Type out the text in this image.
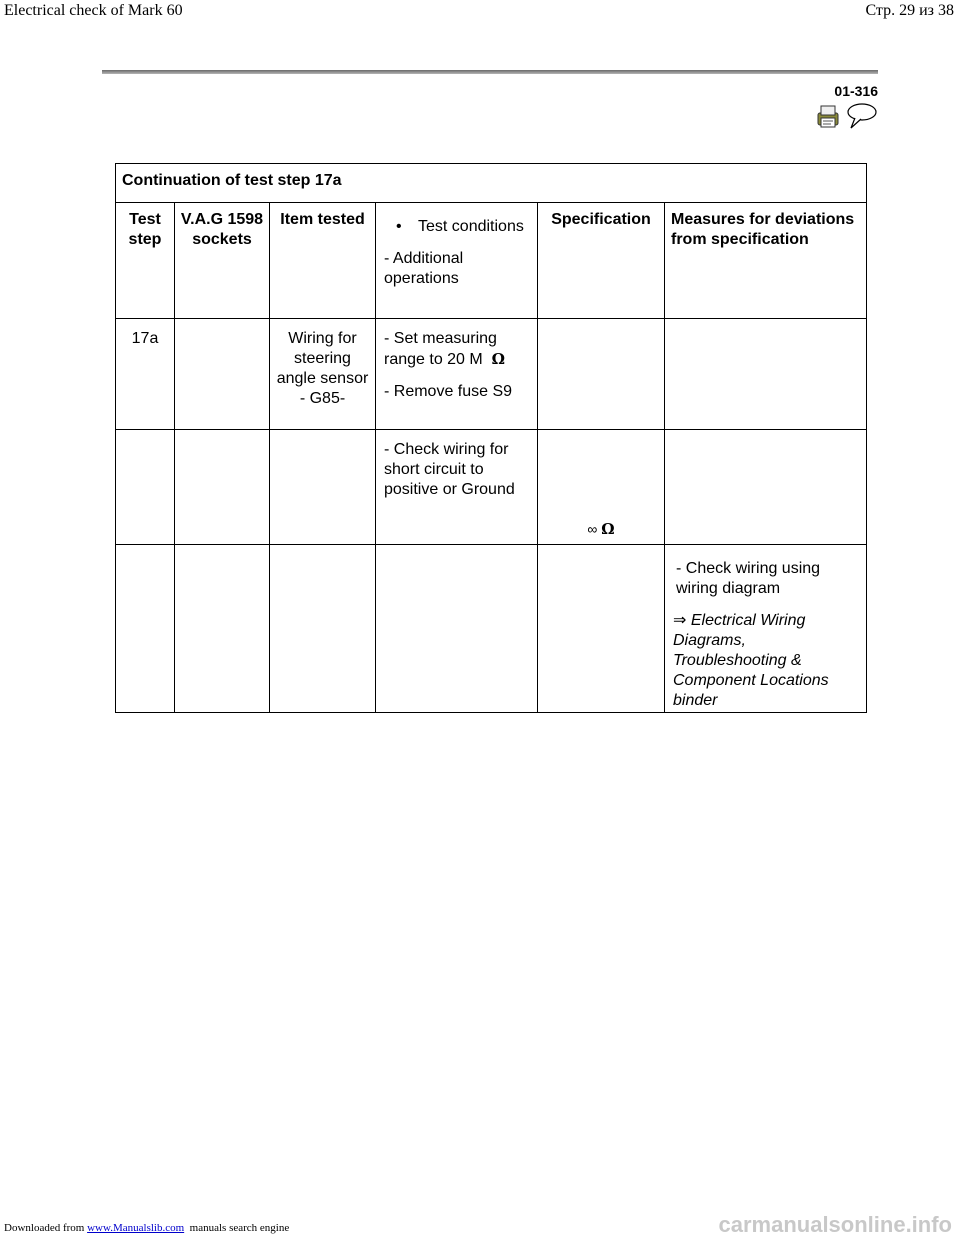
Electrical check of Mark 60	Стр. 29 из 38
01-316
Continuation of test step 17a					
Test step	V.A.G 1598 sockets	Item tested	• Test conditions

- Additional operations	Specification	Measures for deviations from specification
17a		Wiring for steering angle sensor - G85-	- Set measuring range to 20 M Ω

- Remove fuse S9		

			- Check wiring for short circuit to positive or Ground	∞ Ω	

					- Check wiring using wiring diagram

⇒ Electrical Wiring Diagrams, Troubleshooting & Component Locations binder

Downloaded from www.Manualslib.com manuals search engine	carmanualsonline.info
